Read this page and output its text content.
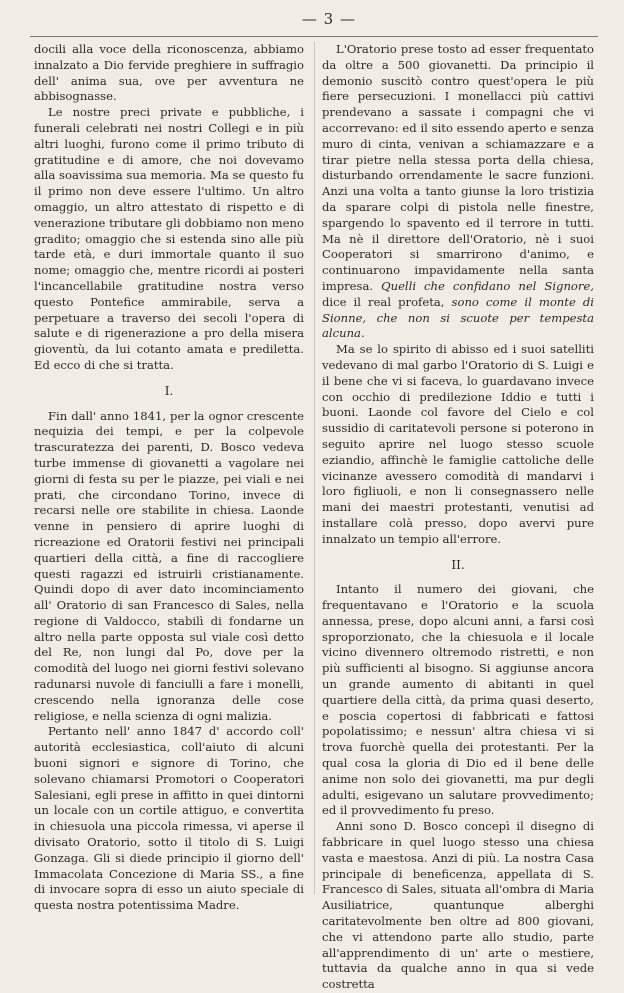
— 3 —

docili alla voce della riconoscenza, abbiamo innalzato a Dio fervide preghiere in suffragio dell' anima sua, ove per avventura ne abbisognasse.

Le nostre preci private e pubbliche, i funerali celebrati nei nostri Collegi e in più altri luoghi, furono come il primo tributo di gratitudine e di amore, che noi dovevamo alla soavissima sua memoria. Ma se questo fu il primo non deve essere l'ultimo. Un altro omaggio, un altro attestato di rispetto e di venerazione tributare gli dobbiamo non meno gradito; omaggio che si estenda sino alle più tarde età, e duri immortale quanto il suo nome; omaggio che, mentre ricordi ai posteri l'incancellabile gratitudine nostra verso questo Pontefice ammirabile, serva a perpetuare a traverso dei secoli l'opera di salute e di rigenerazione a pro della misera gioventù, da lui cotanto amata e prediletta. Ed ecco di che si tratta.

I.

Fin dall' anno 1841, per la ognor crescente nequizia dei tempi, e per la colpevole trascuratezza dei parenti, D. Bosco vedeva turbe immense di giovanetti a vagolare nei giorni di festa su per le piazze, pei viali e nei prati, che circondano Torino, invece di recarsi nelle ore stabilite in chiesa. Laonde venne in pensiero di aprire luoghi di ricreazione ed Oratorii festivi nei principali quartieri della città, a fine di raccogliere questi ragazzi ed istruirli cristianamente. Quindi dopo di aver dato incominciamento all' Oratorio di san Francesco di Sales, nella regione di Valdocco, stabilì di fondarne un altro nella parte opposta sul viale così detto del Re, non lungi dal Po, dove per la comodità del luogo nei giorni festivi solevano radunarsi nuvole di fanciulli a fare i monelli, crescendo nella ignoranza delle cose religiose, e nella scienza di ogni malizia.

Pertanto nell' anno 1847 d' accordo coll' autorità ecclesiastica, coll'aiuto di alcuni buoni signori e signore di Torino, che solevano chiamarsi Promotori o Cooperatori Salesiani, egli prese in affitto in quei dintorni un locale con un cortile attiguo, e convertita in chiesuola una piccola rimessa, vi aperse il divisato Oratorio, sotto il titolo di S. Luigi Gonzaga. Gli si diede principio il giorno dell' Immacolata Concezione di Maria SS., a fine di invocare sopra di esso un aiuto speciale di questa nostra potentissima Madre.

L'Oratorio prese tosto ad esser frequentato da oltre a 500 giovanetti. Da principio il demonio suscitò contro quest'opera le più fiere persecuzioni. I monellacci più cattivi prendevano a sassate i compagni che vi accorrevano: ed il sito essendo aperto e senza muro di cinta, venivan a schiamazzare e a tirar pietre nella stessa porta della chiesa, disturbando orrendamente le sacre funzioni. Anzi una volta a tanto giunse la loro tristizia da sparare colpi di pistola nelle finestre, spargendo lo spavento ed il terrore in tutti. Ma nè il direttore dell'Oratorio, nè i suoi Cooperatori si smarrirono d'animo, e continuarono impavidamente nella santa impresa. Quelli che confidano nel Signore, dice il real profeta, sono come il monte di Sionne, che non si scuote per tempesta alcuna.

Ma se lo spirito di abisso ed i suoi satelliti vedevano di mal garbo l'Oratorio di S. Luigi e il bene che vi si faceva, lo guardavano invece con occhio di predilezione Iddio e tutti i buoni. Laonde col favore del Cielo e col sussidio di caritatevoli persone si poterono in seguito aprire nel luogo stesso scuole eziandio, affinchè le famiglie cattoliche delle vicinanze avessero comodità di mandarvi i loro figliuoli, e non li consegnassero nelle mani dei maestri protestanti, venutisi ad installare colà presso, dopo avervi pure innalzato un tempio all'errore.

II.

Intanto il numero dei giovani, che frequentavano e l'Oratorio e la scuola annessa, prese, dopo alcuni anni, a farsi così sproporzionato, che la chiesuola e il locale vicino divennero oltremodo ristretti, e non più sufficienti al bisogno. Si aggiunse ancora un grande aumento di abitanti in quel quartiere della città, da prima quasi deserto, e poscia copertosi di fabbricati e fattosi popolatissimo; e nessun' altra chiesa vi si trova fuorchè quella dei protestanti. Per la qual cosa la gloria di Dio ed il bene delle anime non solo dei giovanetti, ma pur degli adulti, esigevano un salutare provvedimento; ed il provvedimento fu preso.

Anni sono D. Bosco concepì il disegno di fabbricare in quel luogo stesso una chiesa vasta e maestosa. Anzi di più. La nostra Casa principale di beneficenza, appellata di S. Francesco di Sales, situata all'ombra di Maria Ausiliatrice, quantunque alberghi caritatevolmente ben oltre ad 800 giovani, che vi attendono parte allo studio, parte all'apprendimento di un' arte o mestiere, tuttavia da qualche anno in qua si vede costretta
